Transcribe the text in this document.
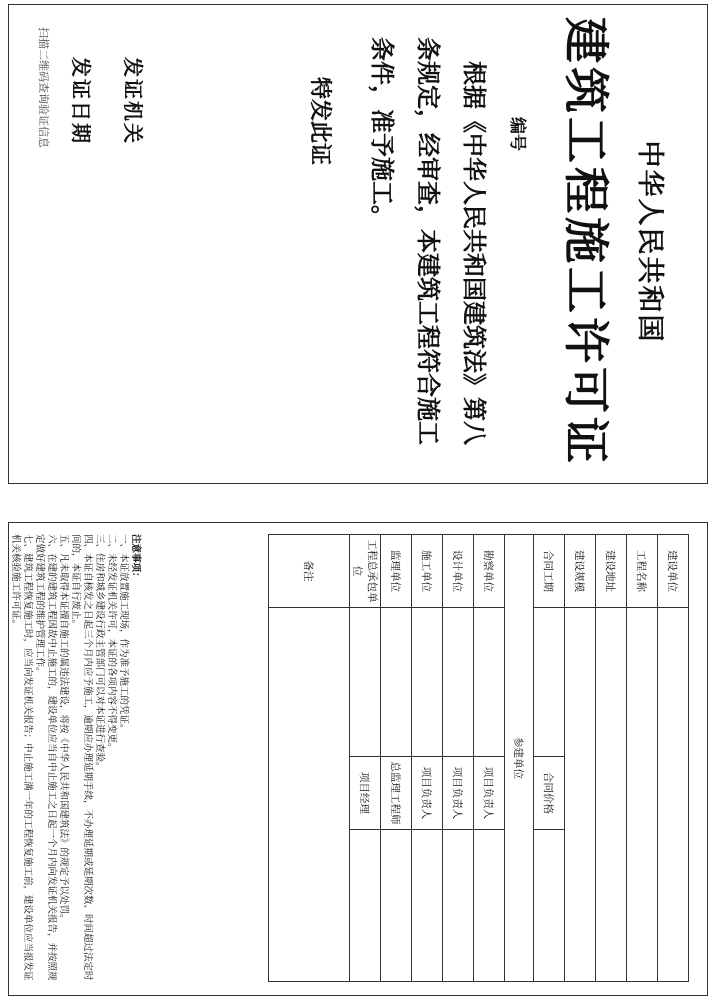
中华人民共和国
建筑工程施工许可证
编号
根据《中华人民共和国建筑法》第八条规定，经审查，本建筑工程符合施工条件，准予施工。
特发此证
发证机关
发证日期
扫描二维码查询验证信息
建设单位			
工程名称			
建设地址			
建设规模			
合同工期		合同价格	
参建单位			
勘察单位		项目负责人	
设计单位		项目负责人	
施工单位		项目负责人	
监理单位		总监理工程师	
工程总承包单位		项目经理	
备注			
注意事项：
一、本证放置施工现场，作为准予施工的凭证。
二、未经发证机关许可，本证的各项内容不得变更。
三、住房和城乡建设行政主管部门可以对本证进行查验。
四、本证自核发之日起三个月内应予施工，逾期应办理延期手续，不办理延期或延期次数、时间超过法定时间的，本证自行废止。
五、凡未取得本证擅自施工的属违法建设，将按《中华人民共和国建筑法》的规定予以处罚。
六、在建的建筑工程因故中止施工的，建设单位应当自中止施工之日起一个月内向发证机关报告，并按照规定做好建筑工程的维护管理工作。
七、建筑工程恢复施工时，应当向发证机关报告；中止施工满一年的工程恢复施工前，建设单位应当报发证机关核验施工许可证。
